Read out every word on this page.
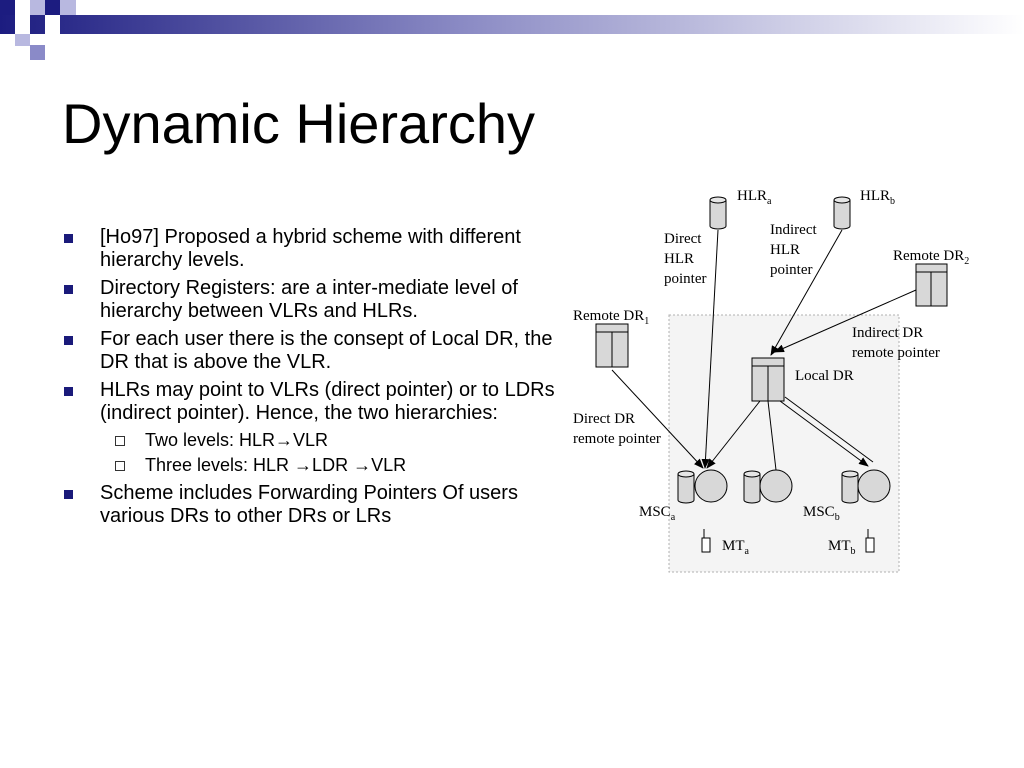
Dynamic Hierarchy
[Ho97] Proposed a hybrid scheme with different hierarchy levels.
Directory Registers: are a inter-mediate level of hierarchy between VLRs and HLRs.
For each user there is the consept of Local DR, the DR that is above the VLR.
HLRs may point to VLRs (direct pointer) or to LDRs (indirect pointer). Hence, the two hierarchies:
Two levels: HLR→VLR
Three levels: HLR →LDR →VLR
Scheme includes Forwarding Pointers Of users various DRs to other DRs or LRs
$HLR_a$	$HLR_b$
Direct HLR pointer
Indirect HLR pointer
Remote $DR_2$
Remote $DR_1$
Indirect DR remote pointer
Local DR
Direct DR remote pointer
$MSC_a$	$MSC_b$
$MT_a$	$MT_b$
